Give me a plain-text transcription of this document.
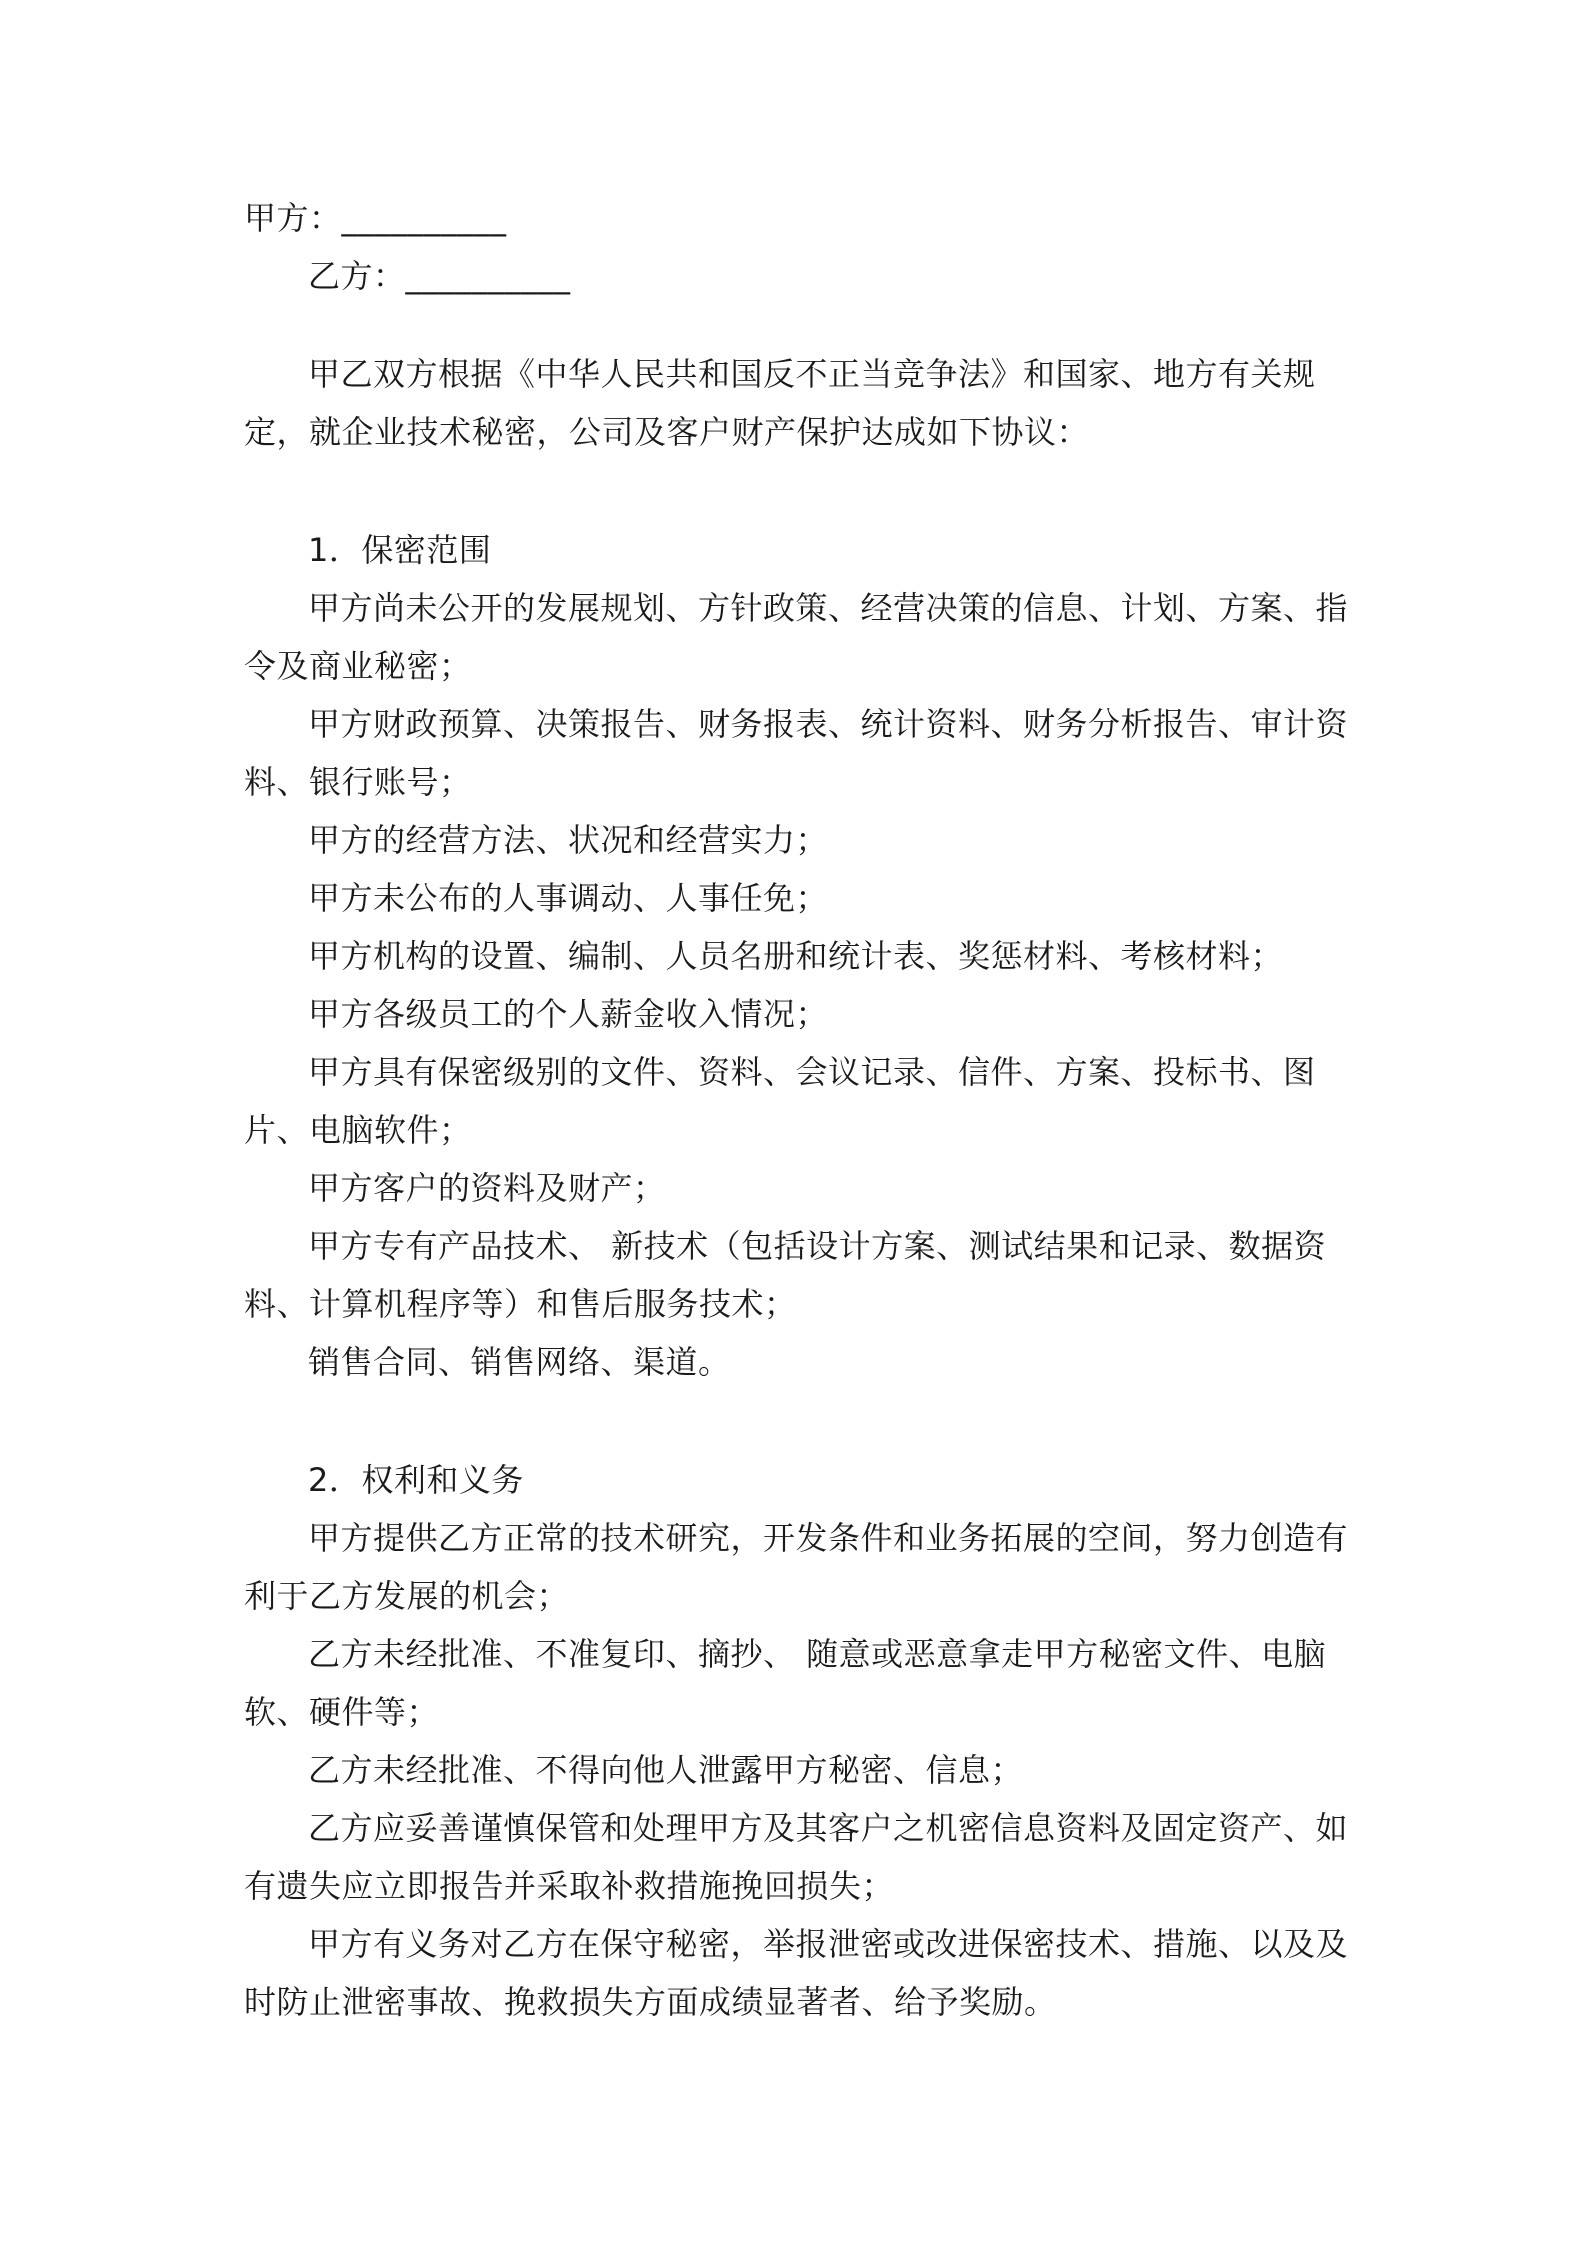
甲方：__________
乙方：__________
甲乙双方根据《中华人民共和国反不正当竞争法》和国家、地方有关规
定，就企业技术秘密，公司及客户财产保护达成如下协议：
1．保密范围
甲方尚未公开的发展规划、方针政策、经营决策的信息、计划、方案、指
令及商业秘密；
甲方财政预算、决策报告、财务报表、统计资料、财务分析报告、审计资
料、银行账号；
甲方的经营方法、状况和经营实力；
甲方未公布的人事调动、人事任免；
甲方机构的设置、编制、人员名册和统计表、奖惩材料、考核材料；
甲方各级员工的个人薪金收入情况；
甲方具有保密级别的文件、资料、会议记录、信件、方案、投标书、图
片、电脑软件；
甲方客户的资料及财产；
甲方专有产品技术、 新技术（包括设计方案、测试结果和记录、数据资
料、计算机程序等）和售后服务技术；
销售合同、销售网络、渠道。
2．权利和义务
甲方提供乙方正常的技术研究，开发条件和业务拓展的空间，努力创造有
利于乙方发展的机会；
乙方未经批准、不准复印、摘抄、 随意或恶意拿走甲方秘密文件、电脑
软、硬件等；
乙方未经批准、不得向他人泄露甲方秘密、信息；
乙方应妥善谨慎保管和处理甲方及其客户之机密信息资料及固定资产、如
有遗失应立即报告并采取补救措施挽回损失；
甲方有义务对乙方在保守秘密，举报泄密或改进保密技术、措施、以及及
时防止泄密事故、挽救损失方面成绩显著者、给予奖励。
